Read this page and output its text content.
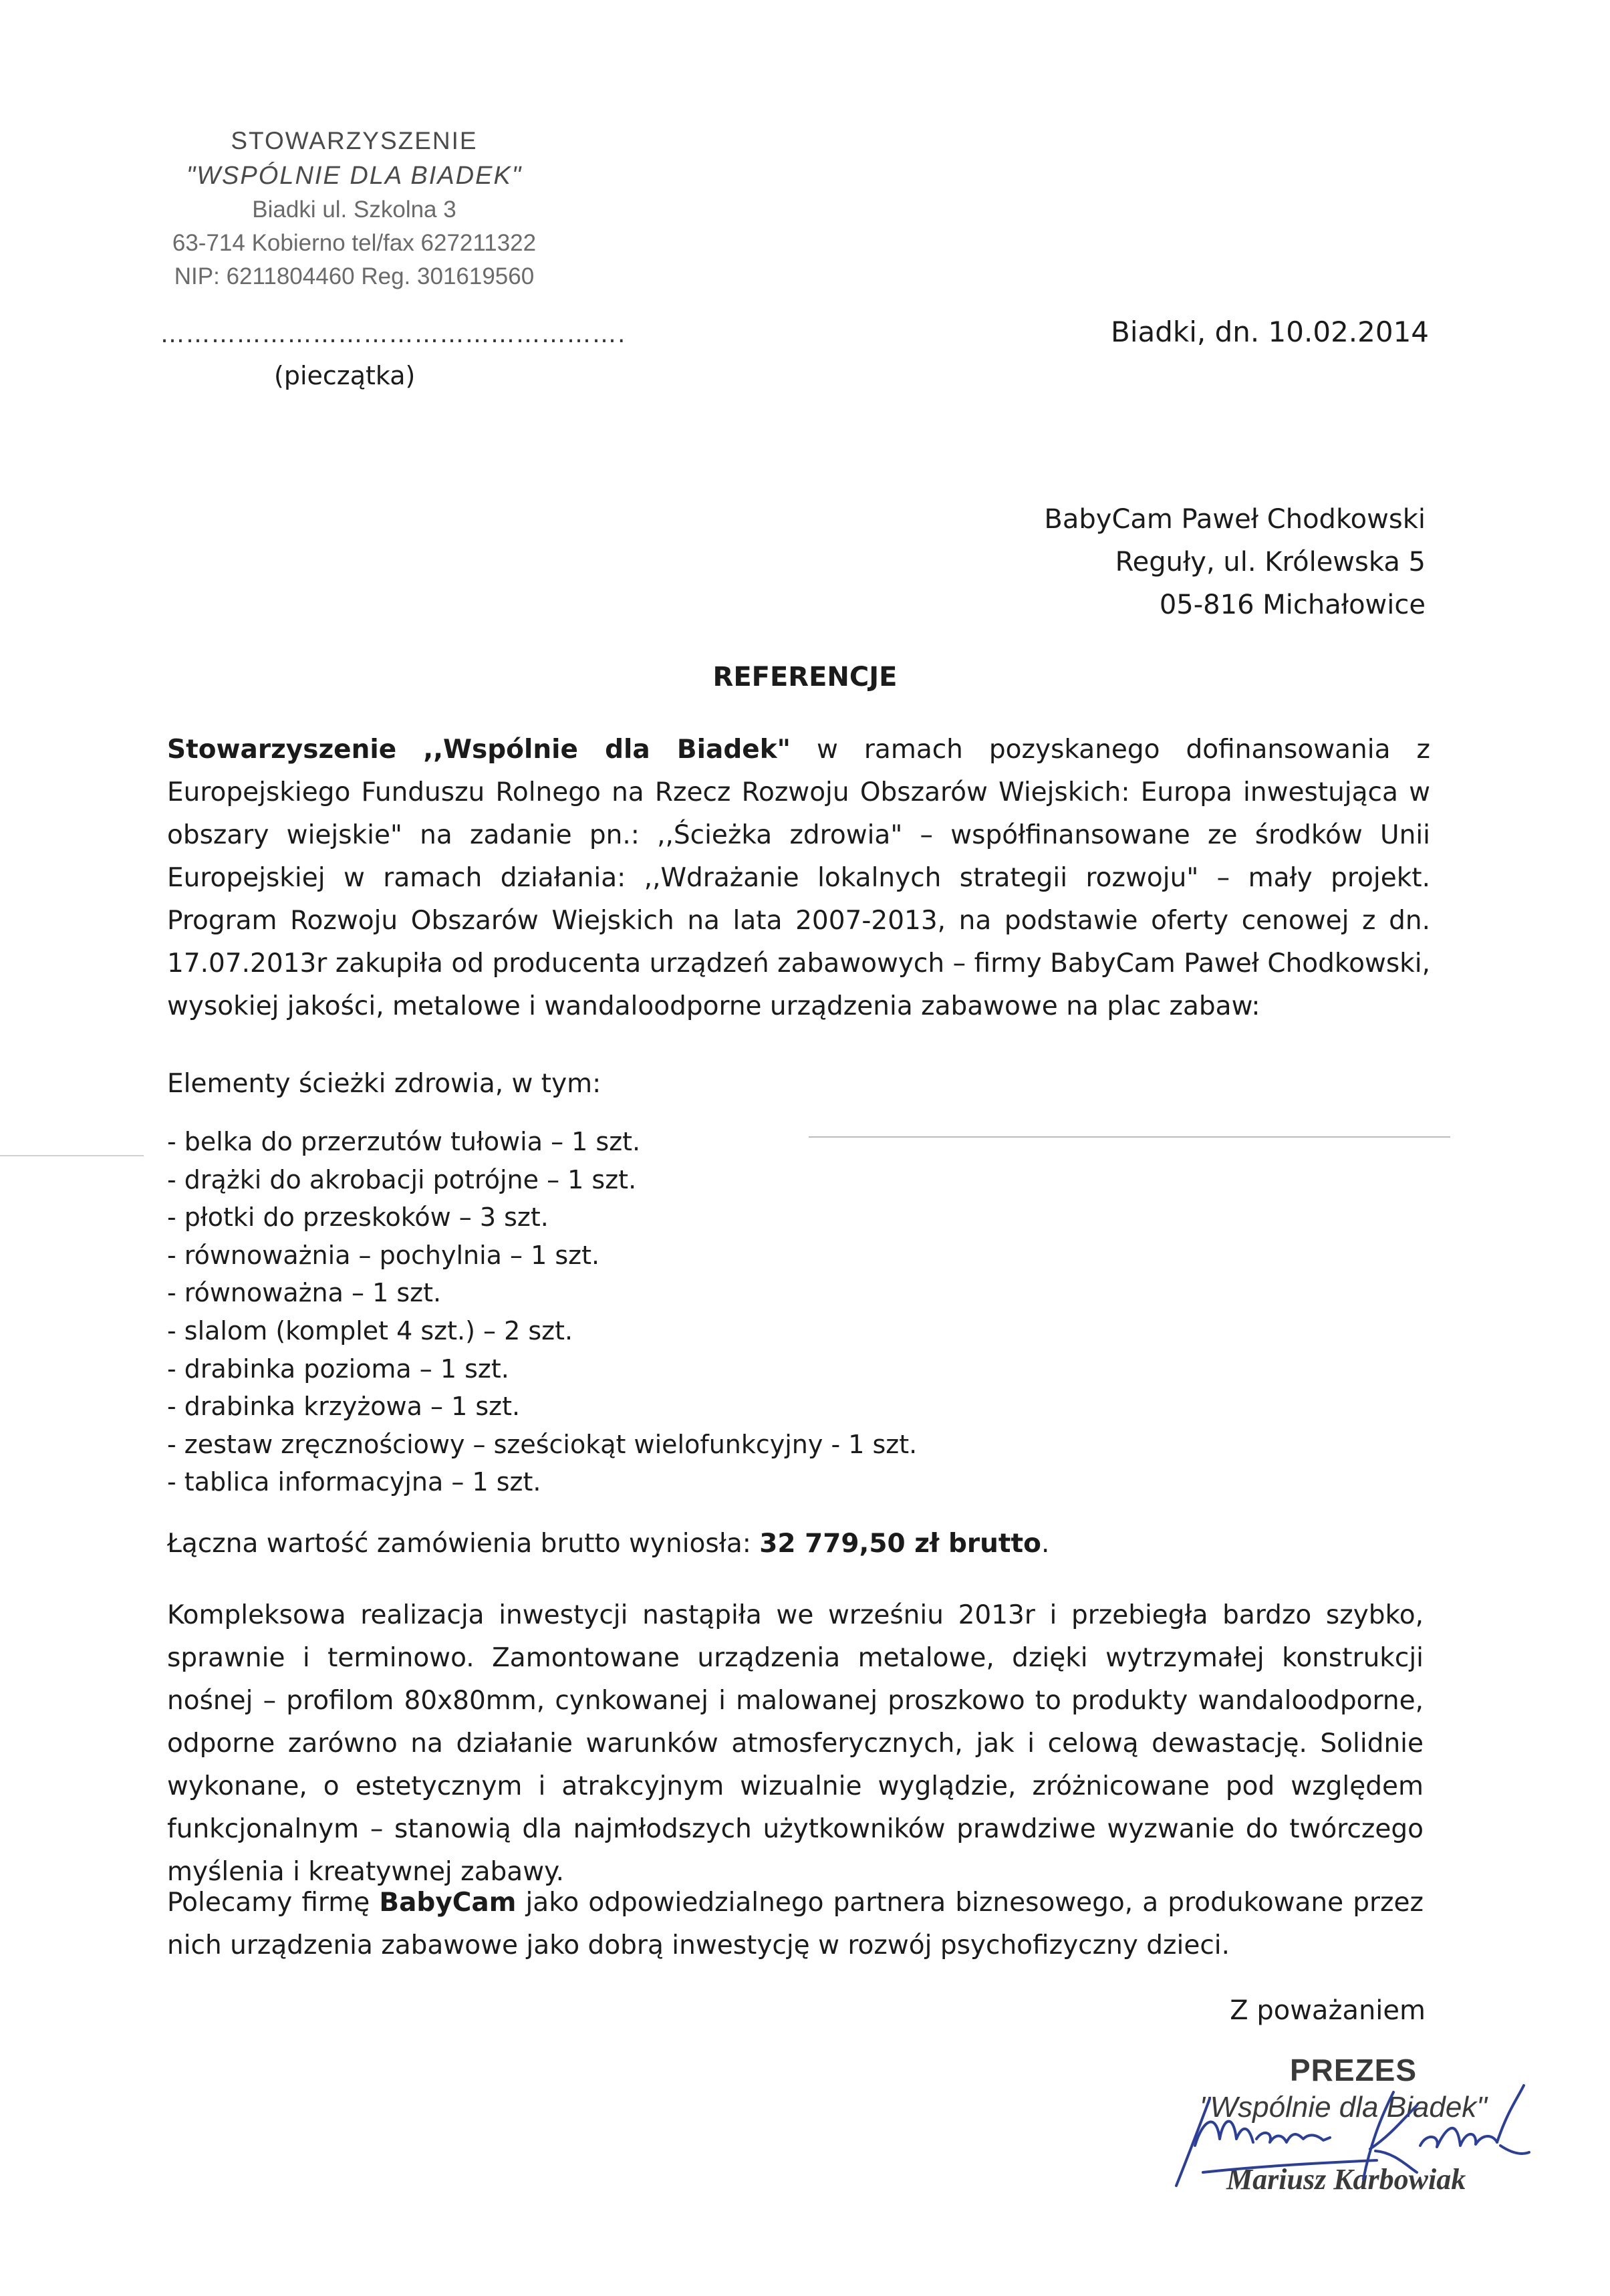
STOWARZYSZENIE
"WSPÓLNIE DLA BIADEK"
Biadki ul. Szkolna 3
63-714 Kobierno tel/fax 627211322
NIP: 6211804460 Reg. 301619560
……………………………………………….
(pieczątka)
Biadki, dn. 10.02.2014
BabyCam Paweł Chodkowski
Reguły, ul. Królewska 5
05-816 Michałowice
REFERENCJE
Stowarzyszenie ,,Wspólnie dla Biadek" w ramach pozyskanego dofinansowania z Europejskiego Funduszu Rolnego na Rzecz Rozwoju Obszarów Wiejskich: Europa inwestująca w obszary wiejskie" na zadanie pn.: ,,Ścieżka zdrowia" – współfinansowane ze środków Unii Europejskiej w ramach działania: ,,Wdrażanie lokalnych strategii rozwoju" – mały projekt. Program Rozwoju Obszarów Wiejskich na lata 2007-2013, na podstawie oferty cenowej z dn. 17.07.2013r zakupiła od producenta urządzeń zabawowych – firmy BabyCam Paweł Chodkowski, wysokiej jakości, metalowe i wandaloodporne urządzenia zabawowe na plac zabaw:
Elementy ścieżki zdrowia, w tym:
- belka do przerzutów tułowia – 1 szt.
- drążki do akrobacji potrójne – 1 szt.
- płotki do przeskoków – 3 szt.
- równoważnia – pochylnia – 1 szt.
- równoważna – 1 szt.
- slalom (komplet 4 szt.) – 2 szt.
- drabinka pozioma – 1 szt.
- drabinka krzyżowa – 1 szt.
- zestaw zręcznościowy – sześciokąt wielofunkcyjny - 1 szt.
- tablica informacyjna – 1 szt.
Łączna wartość zamówienia brutto wyniosła: 32 779,50 zł brutto.
Kompleksowa realizacja inwestycji nastąpiła we wrześniu 2013r i przebiegła bardzo szybko, sprawnie i terminowo. Zamontowane urządzenia metalowe, dzięki wytrzymałej konstrukcji nośnej – profilom 80x80mm, cynkowanej i malowanej proszkowo to produkty wandaloodporne, odporne zarówno na działanie warunków atmosferycznych, jak i celową dewastację. Solidnie wykonane, o estetycznym i atrakcyjnym wizualnie wyglądzie, zróżnicowane pod względem funkcjonalnym – stanowią dla najmłodszych użytkowników prawdziwe wyzwanie do twórczego myślenia i kreatywnej zabawy.
Polecamy firmę BabyCam jako odpowiedzialnego partnera biznesowego, a produkowane przez nich urządzenia zabawowe jako dobrą inwestycję w rozwój psychofizyczny dzieci.
Z poważaniem
PREZES
"Wspólnie dla Biadek"
Mariusz Karbowiak
